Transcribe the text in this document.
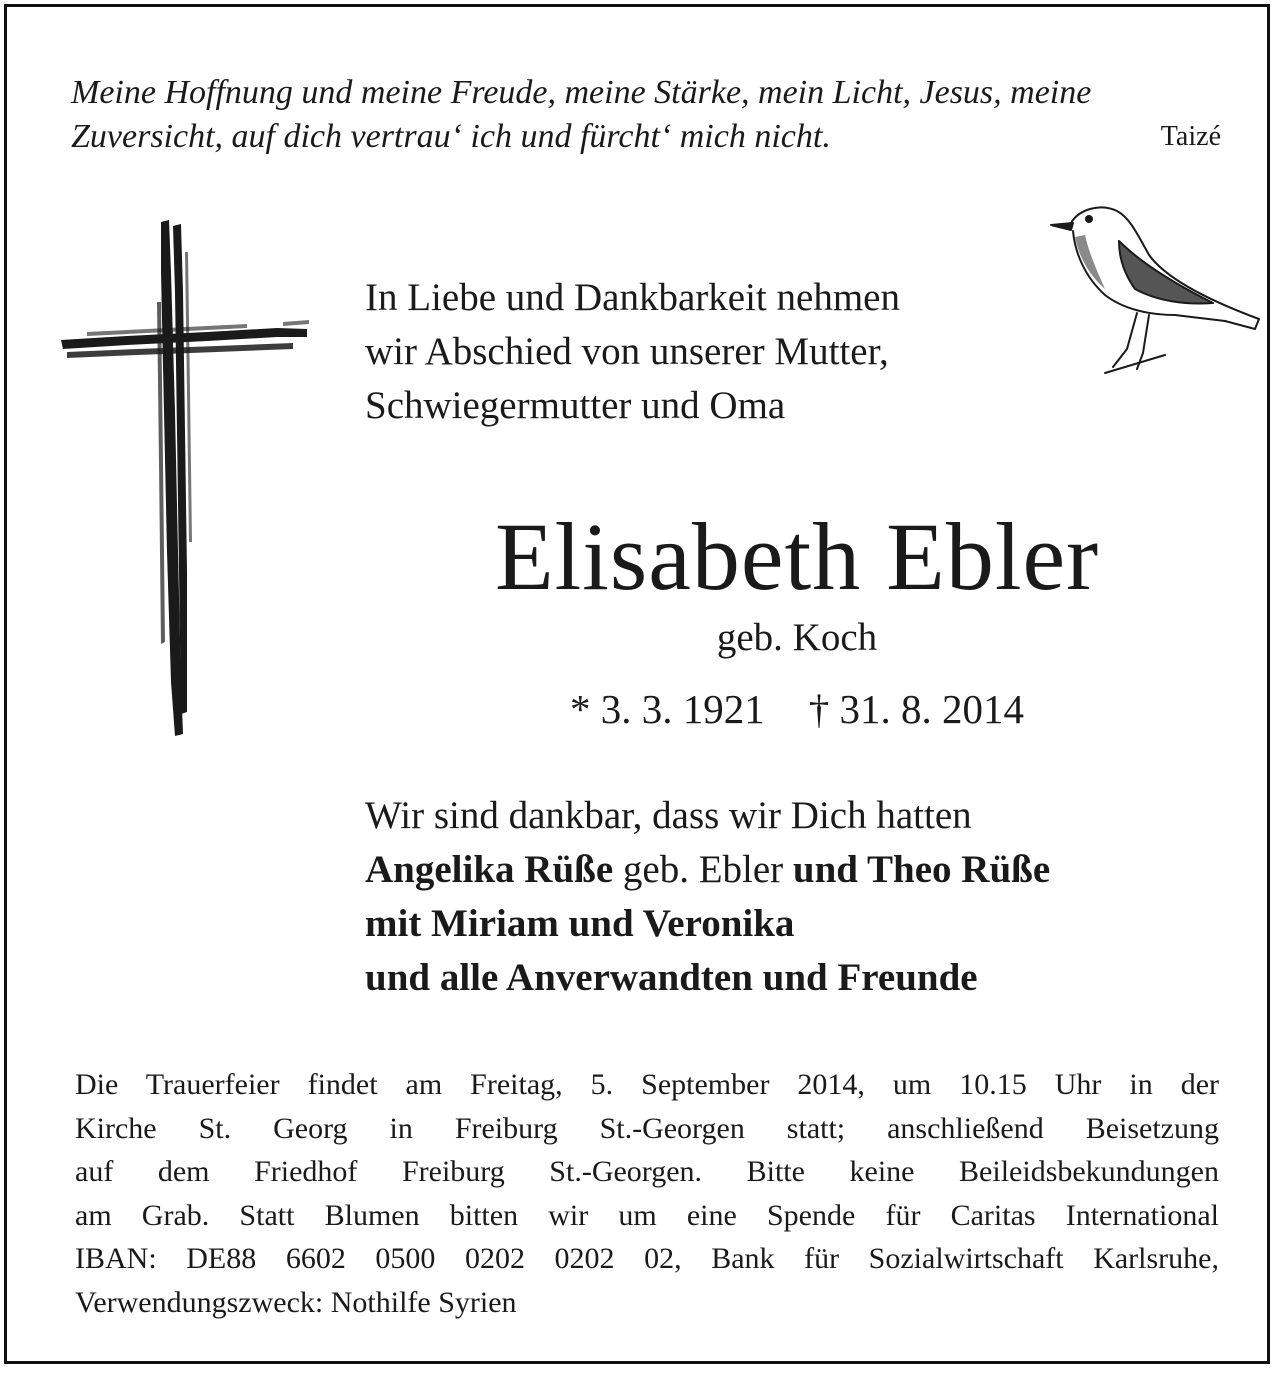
Meine Hoffnung und meine Freude, meine Stärke, mein Licht, Jesus, meine
Zuversicht, auf dich vertrau‘ ich und fürcht‘ mich nicht.	Taizé
In Liebe und Dankbarkeit nehmen
wir Abschied von unserer Mutter,
Schwiegermutter und Oma
Elisabeth Ebler
geb. Koch
* 3. 3. 1921 † 31. 8. 2014
Wir sind dankbar, dass wir Dich hatten
Angelika Rüße geb. Ebler und Theo Rüße
mit Miriam und Veronika
und alle Anverwandten und Freunde
Die Trauerfeier findet am Freitag, 5. September 2014, um 10.15 Uhr in der
Kirche St. Georg in Freiburg St.-Georgen statt; anschließend Beisetzung
auf dem Friedhof Freiburg St.-Georgen. Bitte keine Beileidsbekundungen
am Grab. Statt Blumen bitten wir um eine Spende für Caritas International
IBAN: DE88 6602 0500 0202 0202 02, Bank für Sozialwirtschaft Karlsruhe,
Verwendungszweck: Nothilfe Syrien
